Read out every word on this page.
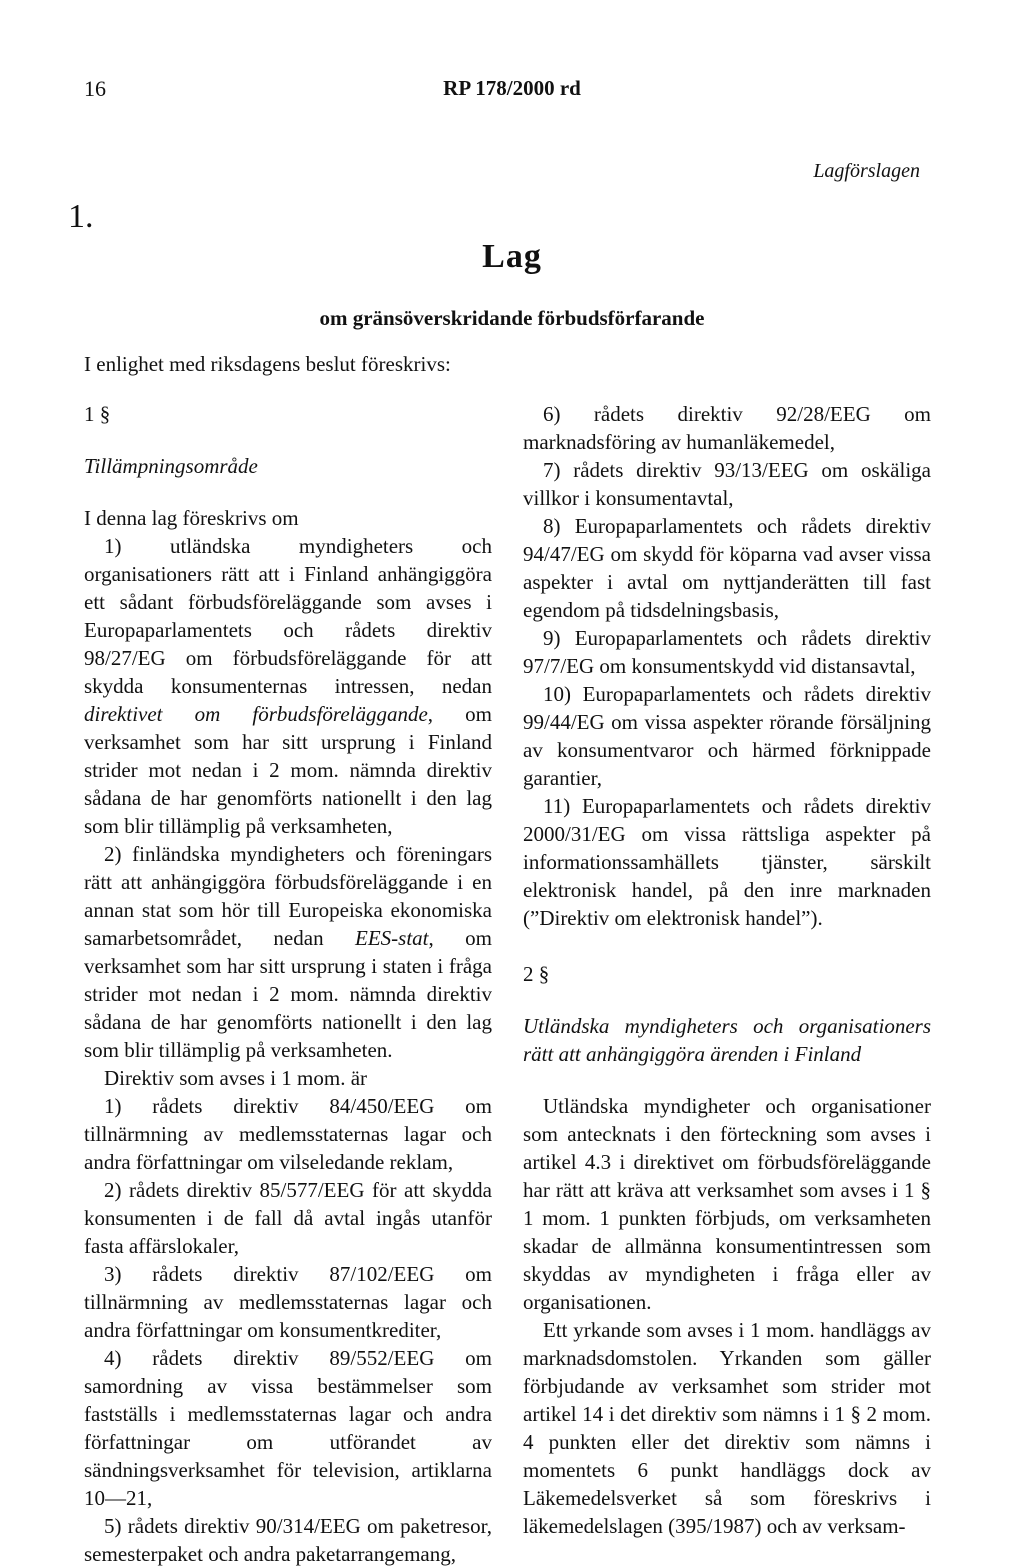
16	RP 178/2000 rd
Lagförslagen
1.
Lag
om gränsöverskridande förbudsförfarande
I enlighet med riksdagens beslut föreskrivs:

1 §

Tillämpningsområde

I denna lag föreskrivs om

1) utländska myndigheters och organisationers rätt att i Finland anhängiggöra ett sådant förbudsföreläggande som avses i Europaparlamentets och rådets direktiv 98/27/EG om förbudsföreläggande för att skydda konsumenternas intressen, nedan direktivet om förbudsföreläggande, om verksamhet som har sitt ursprung i Finland strider mot nedan i 2 mom. nämnda direktiv sådana de har genomförts nationellt i den lag som blir tillämplig på verksamheten,

2) finländska myndigheters och föreningars rätt att anhängiggöra förbudsföreläggande i en annan stat som hör till Europeiska ekonomiska samarbetsområdet, nedan EES-stat, om verksamhet som har sitt ursprung i staten i fråga strider mot nedan i 2 mom. nämnda direktiv sådana de har genomförts nationellt i den lag som blir tillämplig på verksamheten.

Direktiv som avses i 1 mom. är

1) rådets direktiv 84/450/EEG om tillnärmning av medlemsstaternas lagar och andra författningar om vilseledande reklam,

2) rådets direktiv 85/577/EEG för att skydda konsumenten i de fall då avtal ingås utanför fasta affärslokaler,

3) rådets direktiv 87/102/EEG om tillnärmning av medlemsstaternas lagar och andra författningar om konsumentkrediter,

4) rådets direktiv 89/552/EEG om samordning av vissa bestämmelser som fastställs i medlemsstaternas lagar och andra författningar om utförandet av sändningsverksamhet för television, artiklarna 10—21,

5) rådets direktiv 90/314/EEG om paketresor, semesterpaket och andra paketarrangemang,

6) rådets direktiv 92/28/EEG om marknadsföring av humanläkemedel,

7) rådets direktiv 93/13/EEG om oskäliga villkor i konsumentavtal,

8) Europaparlamentets och rådets direktiv 94/47/EG om skydd för köparna vad avser vissa aspekter i avtal om nyttjanderätten till fast egendom på tidsdelningsbasis,

9) Europaparlamentets och rådets direktiv 97/7/EG om konsumentskydd vid distansavtal,

10) Europaparlamentets och rådets direktiv 99/44/EG om vissa aspekter rörande försäljning av konsumentvaror och härmed förknippade garantier,

11) Europaparlamentets och rådets direktiv 2000/31/EG om vissa rättsliga aspekter på informationssamhällets tjänster, särskilt elektronisk handel, på den inre marknaden (”Direktiv om elektronisk handel”).

2 §

Utländska myndigheters och organisationers rätt att anhängiggöra ärenden i Finland

Utländska myndigheter och organisationer som antecknats i den förteckning som avses i artikel 4.3 i direktivet om förbudsföreläggande har rätt att kräva att verksamhet som avses i 1 § 1 mom. 1 punkten förbjuds, om verksamheten skadar de allmänna konsumentintressen som skyddas av myndigheten i fråga eller av organisationen.

Ett yrkande som avses i 1 mom. handläggs av marknadsdomstolen. Yrkanden som gäller förbjudande av verksamhet som strider mot artikel 14 i det direktiv som nämns i 1 § 2 mom. 4 punkten eller det direktiv som nämns i momentets 6 punkt handläggs dock av Läkemedelsverket så som föreskrivs i läkemedelslagen (395/1987) och av verksam-
